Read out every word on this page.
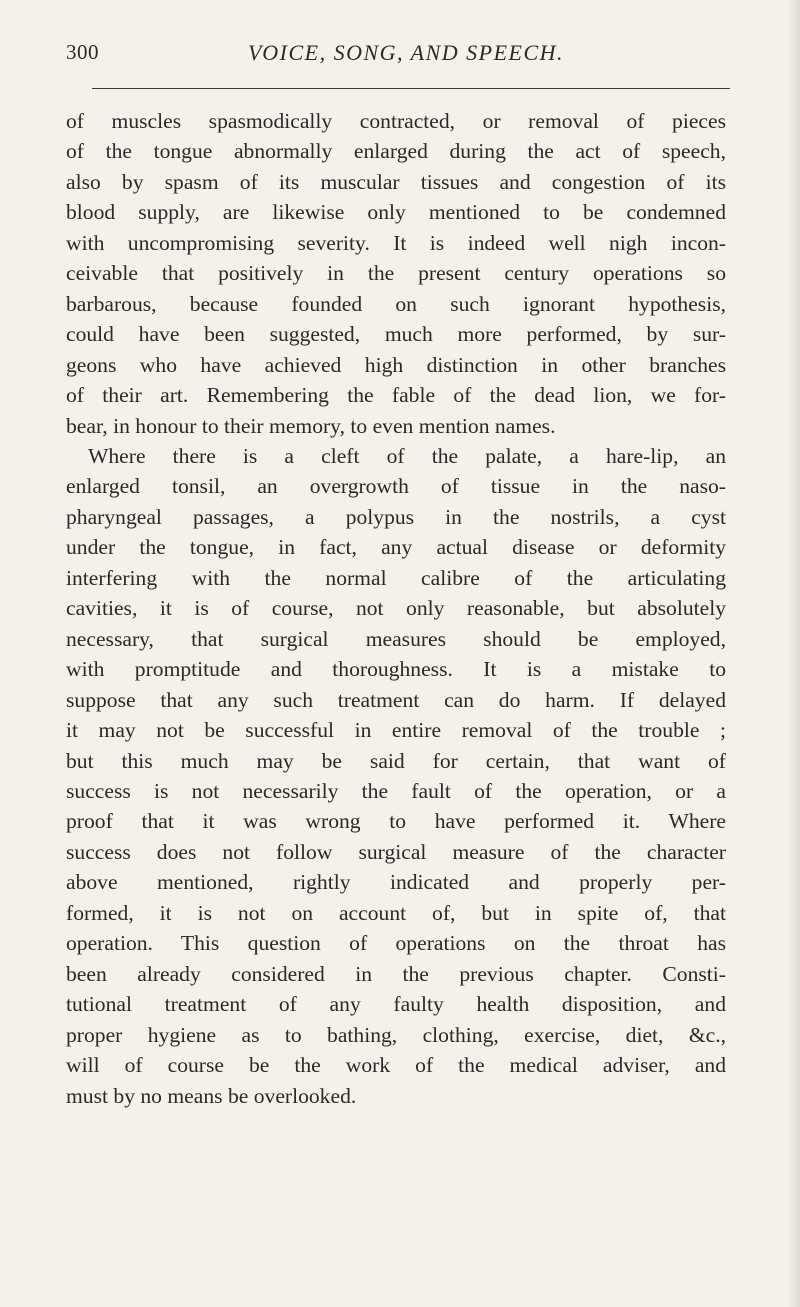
300	VOICE, SONG, AND SPEECH.
of muscles spasmodically contracted, or removal of pieces
of the tongue abnormally enlarged during the act of speech,
also by spasm of its muscular tissues and congestion of its
blood supply, are likewise only mentioned to be condemned
with uncompromising severity. It is indeed well nigh incon-
ceivable that positively in the present century operations so
barbarous, because founded on such ignorant hypothesis,
could have been suggested, much more performed, by sur-
geons who have achieved high distinction in other branches
of their art. Remembering the fable of the dead lion, we for-
bear, in honour to their memory, to even mention names.
Where there is a cleft of the palate, a hare-lip, an
enlarged tonsil, an overgrowth of tissue in the naso-
pharyngeal passages, a polypus in the nostrils, a cyst
under the tongue, in fact, any actual disease or deformity
interfering with the normal calibre of the articulating
cavities, it is of course, not only reasonable, but absolutely
necessary, that surgical measures should be employed,
with promptitude and thoroughness. It is a mistake to
suppose that any such treatment can do harm. If delayed
it may not be successful in entire removal of the trouble ;
but this much may be said for certain, that want of
success is not necessarily the fault of the operation, or a
proof that it was wrong to have performed it. Where
success does not follow surgical measure of the character
above mentioned, rightly indicated and properly per-
formed, it is not on account of, but in spite of, that
operation. This question of operations on the throat has
been already considered in the previous chapter. Consti-
tutional treatment of any faulty health disposition, and
proper hygiene as to bathing, clothing, exercise, diet, &c.,
will of course be the work of the medical adviser, and
must by no means be overlooked.
